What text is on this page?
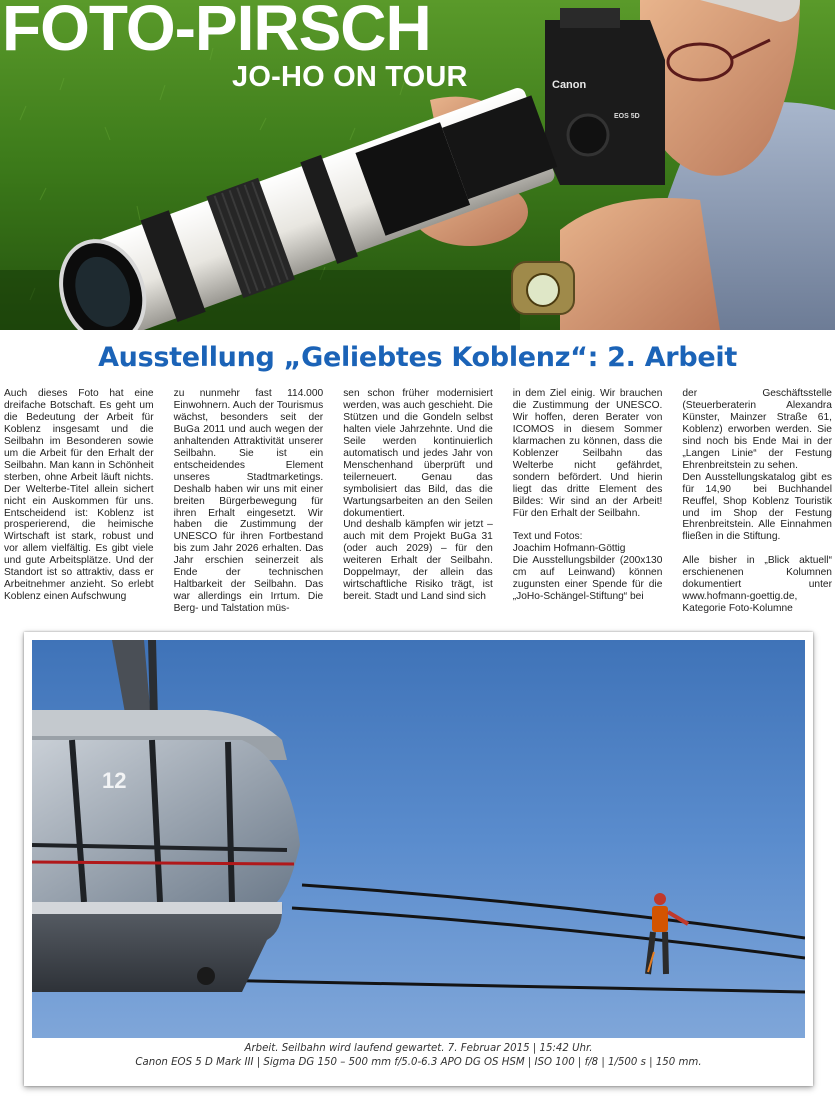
Canon
EOS 5D
FOTO-PIRSCH
JO-HO ON TOUR
Ausstellung „Geliebtes Koblenz“: 2. Arbeit

Auch dieses Foto hat eine dreifache Botschaft. Es geht um die Bedeutung der Arbeit für Koblenz insgesamt und die Seilbahn im Besonderen sowie um die Arbeit für den Erhalt der Seilbahn. Man kann in Schönheit sterben, ohne Arbeit läuft nichts. Der Welterbe-Titel allein sichert nicht ein Auskommen für uns. Entscheidend ist: Koblenz ist prosperierend, die heimische Wirtschaft ist stark, robust und vor allem vielfältig. Es gibt viele und gute Arbeitsplätze. Und der Standort ist so attraktiv, dass er Arbeitnehmer anzieht. So erlebt Koblenz einen Aufschwung

zu nunmehr fast 114.000 Einwohnern. Auch der Tourismus wächst, besonders seit der BuGa 2011 und auch wegen der anhaltenden Attraktivität unserer Seilbahn. Sie ist ein entscheidendes Element unseres Stadtmarketings. Deshalb haben wir uns mit einer breiten Bürgerbewegung für ihren Erhalt eingesetzt. Wir haben die Zustimmung der UNESCO für ihren Fortbestand bis zum Jahr 2026 erhalten. Das Jahr erschien seinerzeit als Ende der technischen Haltbarkeit der Seilbahn. Das war allerdings ein Irrtum. Die Berg- und Talstation müs-

sen schon früher modernisiert werden, was auch geschieht. Die Stützen und die Gondeln selbst halten viele Jahrzehnte. Und die Seile werden kontinuierlich automatisch und jedes Jahr von Menschenhand überprüft und teilerneuert. Genau das symbolisiert das Bild, das die Wartungsarbeiten an den Seilen dokumentiert.

Und deshalb kämpfen wir jetzt – auch mit dem Projekt BuGa 31 (oder auch 2029) – für den weiteren Erhalt der Seilbahn. Doppelmayr, der allein das wirtschaftliche Risiko trägt, ist bereit. Stadt und Land sind sich

in dem Ziel einig. Wir brauchen die Zustimmung der UNESCO. Wir hoffen, deren Berater von ICOMOS in diesem Sommer klarmachen zu können, dass die Koblenzer Seilbahn das Welterbe nicht gefährdet, sondern befördert. Und hierin liegt das dritte Element des Bildes: Wir sind an der Arbeit! Für den Erhalt der Seilbahn.

Text und Fotos:

Joachim Hofmann-Göttig

Die Ausstellungsbilder (200x130 cm auf Leinwand) können zugunsten einer Spende für die „JoHo-Schängel-Stiftung“ bei

der Geschäftsstelle (Steuerberaterin Alexandra Künster, Mainzer Straße 61, Koblenz) erworben werden. Sie sind noch bis Ende Mai in der „Langen Linie“ der Festung Ehrenbreitstein zu sehen.

Den Ausstellungskatalog gibt es für 14,90  bei Buchhandel Reuffel, Shop Koblenz Touristik und im Shop der Festung Ehrenbreitstein. Alle Einnahmen fließen in die Stiftung.

Alle bisher in „Blick aktuell“ erschienenen Kolumnen dokumentiert unter www.hofmann-goettig.de, Kategorie Foto-Kolumne

12
Arbeit. Seilbahn wird laufend gewartet. 7. Februar 2015 | 15:42 Uhr.
Canon EOS 5 D Mark III | Sigma DG 150 – 500 mm f/5.0-6.3 APO DG OS HSM | ISO 100 | f/8 | 1/500 s | 150 mm.
